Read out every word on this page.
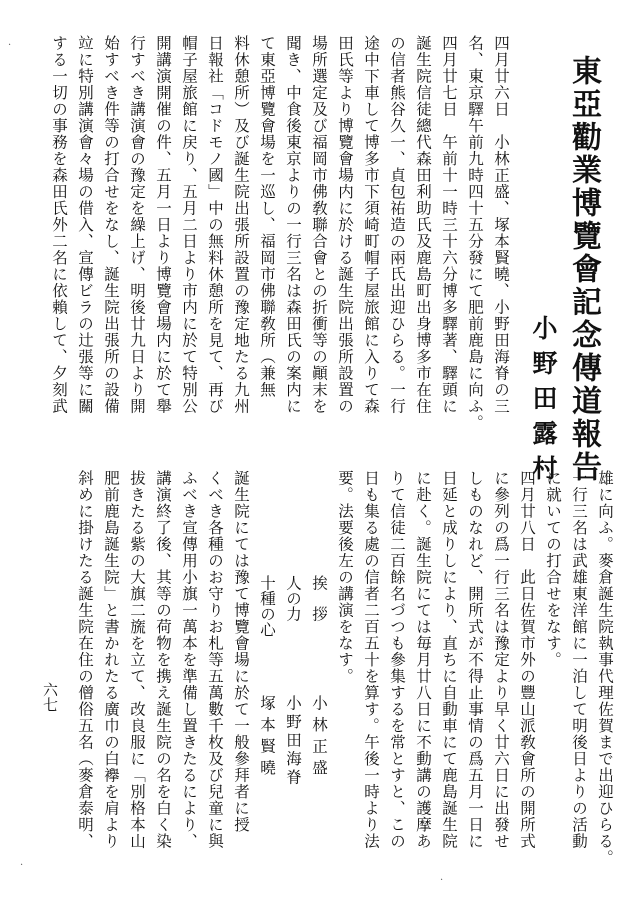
東亞勸業博覽會記念傳道報告
小野田露村
四月廿六日　小林正盛、塚本賢曉、小野田海脊の三
名、東京驛午前九時四十五分發にて肥前鹿島に向ふ。
四月廿七日　午前十一時三十六分博多驛著、驛頭に
誕生院信徒總代森田利助氏及鹿島町出身博多市在住
の信者熊谷久一、貞包祐造の兩氏出迎ひらる。一行
途中下車して博多市下須崎町帽子屋旅館に入りて森
田氏等より博覽會場内に於ける誕生院出張所設置の
場所選定及び福岡市佛敎聯合會との折衝等の顚末を
聞き、中食後東京よりの一行三名は森田氏の案内に
て東亞博覽會場を一巡し、福岡市佛聯敎所（兼無
料休憩所）及び誕生院出張所設置の豫定地たる九州
日報社「コドモノ國」中の無料休憩所を見て、再び
帽子屋旅館に戻り、五月二日より市内に於て特別公
開講演開催の件、五月一日より博覽會場内に於て舉
行すべき講演會の豫定を繰上げ、明後廿九日より開
始すべき件等の打合せをなし、誕生院出張所の設備
竝に特別講演會々場の借入、宣傳ビラの辻張等に關
する一切の事務を森田氏外二名に依賴して、夕刻武
雄に向ふ。麥倉誕生院執事代理佐賀まで出迎ひらる。
一行三名は武雄東洋館に一泊して明後日よりの活動
に就いての打合せをなす。
四月廿八日　此日佐賀市外の豐山派敎會所の開所式
に參列の爲一行三名は豫定より早く廿六日に出發せ
しものなれど、開所式が不得止事情の爲五月一日に
日延と成りしにより、直ちに自動車にて鹿島誕生院
に赴く。誕生院にては毎月廿八日に不動講の護摩あ
りて信徒二百餘名づつも參集するを常とすと、この
日も集る處の信者二百五十を算す。午後一時より法
要。法要後左の講演をなす。
挨　拶
小林正盛
人の力
小野田海脊
十種の心
塚本賢曉
誕生院にては豫て博覽會場に於て一般參拜者に授
くべき各種のお守りお札等五萬數千枚及び兒童に與
ふべき宣傳用小旗一萬本を準備し置きたるにより、
講演終了後、其等の荷物を携え誕生院の名を白く染
拔きたる紫の大旗二旒を立て、改良服に「別格本山
肥前鹿島誕生院」と書かれたる廣巾の白襷を肩より
斜めに掛けたる誕生院在住の僧俗五名（麥倉泰明、
六七
·
·
·
